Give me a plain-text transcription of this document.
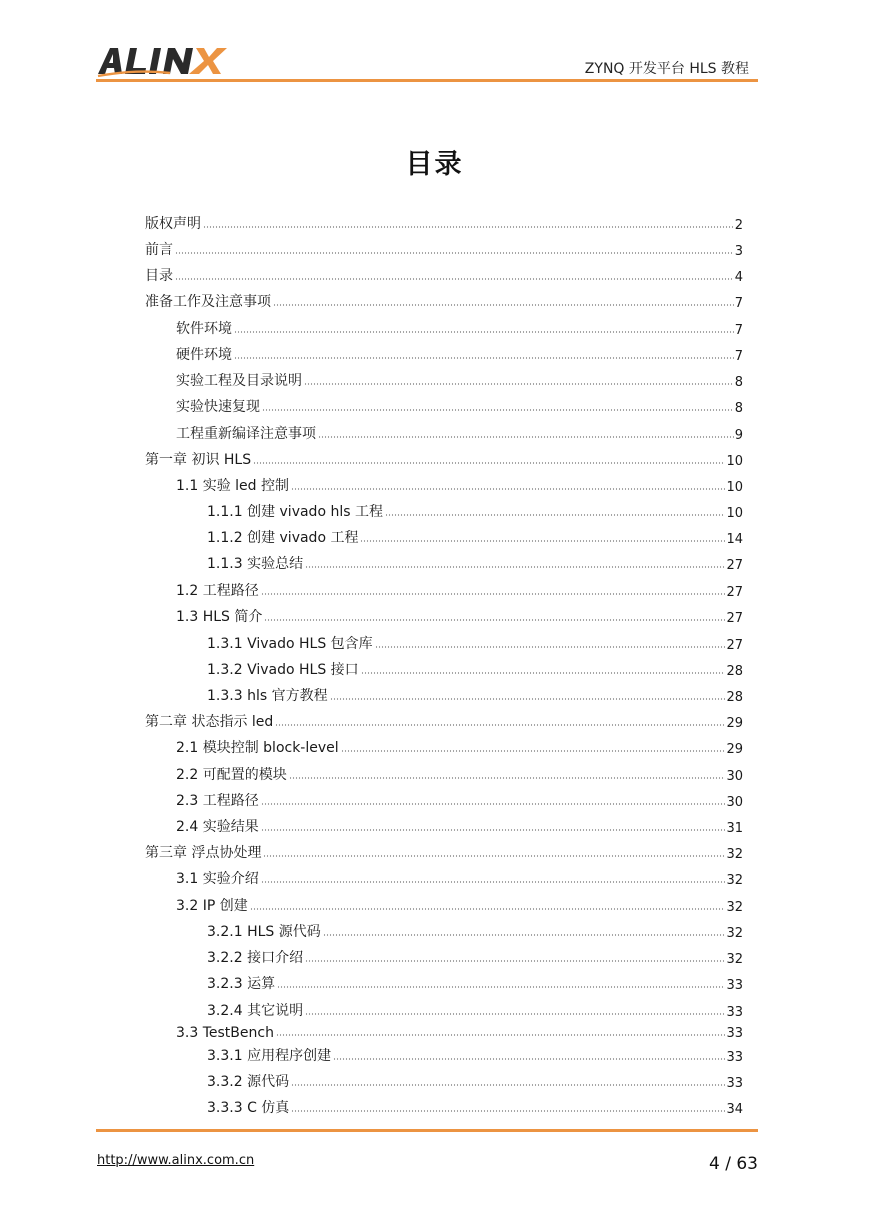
ZYNQ 开发平台 HLS 教程
目录
版权声明	2
前言	3
目录	4
准备工作及注意事项	7
软件环境	7
硬件环境	7
实验工程及目录说明	8
实验快速复现	8
工程重新编译注意事项	9
第一章 初识 HLS	10
1.1 实验 led 控制	10
1.1.1 创建 vivado hls 工程	10
1.1.2 创建 vivado 工程	14
1.1.3 实验总结	27
1.2 工程路径	27
1.3 HLS 简介	27
1.3.1 Vivado HLS 包含库	27
1.3.2 Vivado HLS 接口	28
1.3.3 hls 官方教程	28
第二章 状态指示 led	29
2.1 模块控制 block-level	29
2.2 可配置的模块	30
2.3 工程路径	30
2.4 实验结果	31
第三章 浮点协处理	32
3.1 实验介绍	32
3.2 IP 创建	32
3.2.1 HLS 源代码	32
3.2.2 接口介绍	32
3.2.3 运算	33
3.2.4 其它说明	33
3.3 TestBench	33
3.3.1 应用程序创建	33
3.3.2 源代码	33
3.3.3 C 仿真	34
http://www.alinx.com.cn	4 / 63
